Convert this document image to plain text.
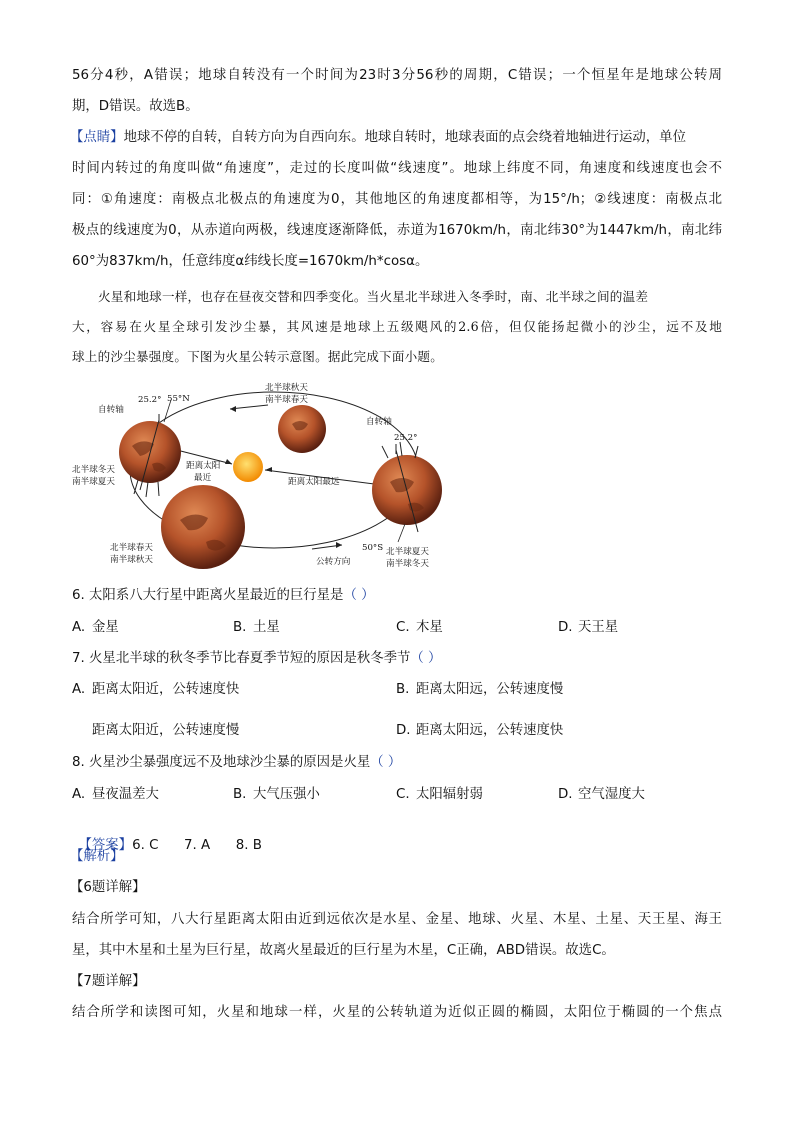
56分4秒，A错误；地球自转没有一个时间为23时3分56秒的周期，C错误；一个恒星年是地球公转周
期，D错误。故选B。
【点睛】地球不停的自转，自转方向为自西向东。地球自转时，地球表面的点会绕着地轴进行运动，单位
时间内转过的角度叫做“角速度”，走过的长度叫做“线速度”。地球上纬度不同，角速度和线速度也会不
同：①角速度：南极点北极点的角速度为0，其他地区的角速度都相等，为15°/h；②线速度：南极点北
极点的线速度为0，从赤道向两极，线速度逐渐降低，赤道为1670km/h，南北纬30°为1447km/h，南北纬
60°为837km/h，任意纬度α纬线长度=1670km/h*cosα。
火星和地球一样，也存在昼夜交替和四季变化。当火星北半球进入冬季时，南、北半球之间的温差
大，容易在火星全球引发沙尘暴，其风速是地球上五级飓风的2.6倍，但仅能扬起微小的沙尘，远不及地
球上的沙尘暴强度。下图为火星公转示意图。据此完成下面小题。
自转轴
25.2° 55°N
北半球冬天
南半球夏天
北半球秋天
南半球春天
自转轴
25.2°
50°S 北半球夏天
南半球冬天
北半球春天
南半球秋天
距离太阳
最近	距离太阳最远
公转方向
6. 太阳系八大行星中距离火星最近的巨行星是（ ）
A. 金星	B. 土星	C. 木星	D. 天王星
7. 火星北半球的秋冬季节比春夏季节短的原因是秋冬季节（ ）
A. 距离太阳近，公转速度快	B. 距离太阳远，公转速度慢
距离太阳近，公转速度慢	D. 距离太阳远，公转速度快
8. 火星沙尘暴强度远不及地球沙尘暴的原因是火星（ ）
A. 昼夜温差大	B. 大气压强小	C. 太阳辐射弱	D. 空气湿度大

【答案】6. C      7. A      8. B

【解析】
【6题详解】
结合所学可知，八大行星距离太阳由近到远依次是水星、金星、地球、火星、木星、土星、天王星、海王
星，其中木星和土星为巨行星，故离火星最近的巨行星为木星，C正确，ABD错误。故选C。
【7题详解】
结合所学和读图可知，火星和地球一样，火星的公转轨道为近似正圆的椭圆，太阳位于椭圆的一个焦点
